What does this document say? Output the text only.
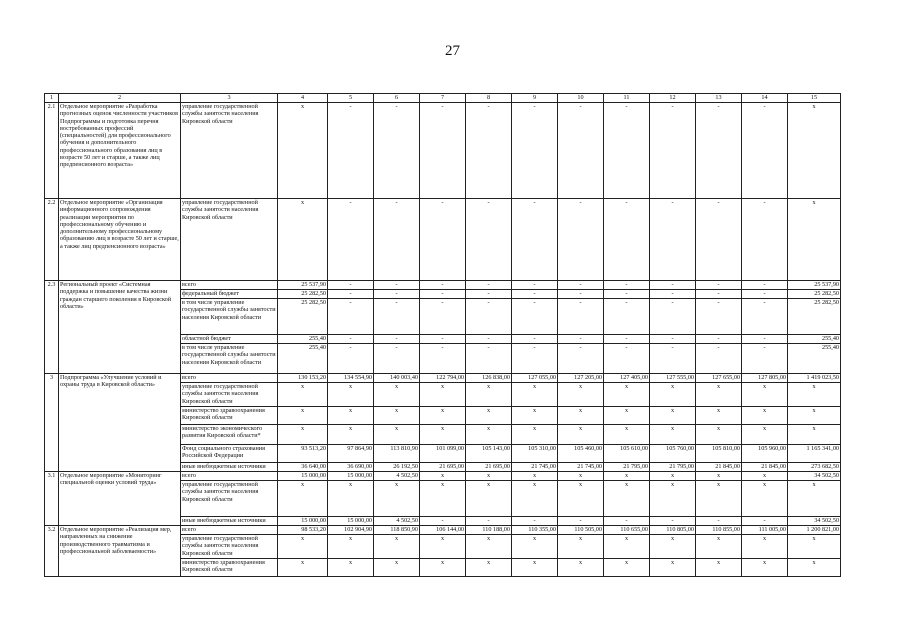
27
1	2	3	4	5	6	7	8	9	10	11	12	13	14	15
2.1	Отдельное мероприятие «Разработка прогнозных оценок численности участников Подпрограммы и подготовка перечня востребованных профессий (специальностей) для профессионального обучения и дополнительного профессионального образования лиц в возрасте 50 лет и старше, а также лиц предпенсионного возраста»	управление государственной службы занятости населения Кировской области	x	-	-	-	-	-	-	-	-	-	-	x
2.2	Отдельное мероприятие «Организация информационного сопровождения реализации мероприятия по профессиональному обучению и дополнительному профессиональному образованию лиц в возрасте 50 лет и старше, а также лиц предпенсионного возраста»	управление государственной службы занятости населения Кировской области	x	-	-	-	-	-	-	-	-	-	-	x
2.3	Региональный проект «Системная поддержка и повышение качества жизни граждан старшего поколения в Кировской области»	всего	25 537,90	-	-	-	-	-	-	-	-	-	-	25 537,90
		федеральный бюджет	25 282,50	-	-	-	-	-	-	-	-	-	-	25 282,50
		в том числе управление государственной службы занятости населения Кировской области	25 282,50	-	-	-	-	-	-	-	-	-	-	25 282,50
		областной бюджет	255,40	-	-	-	-	-	-	-	-	-	-	255,40
		в том числе управление государственной службы занятости населения Кировской области	255,40	-	-	-	-	-	-	-	-	-	-	255,40
3	Подпрограмма «Улучшение условий и охраны труда в Кировской области»	всего	130 153,20	134 554,90	140 003,40	122 794,00	126 838,00	127 055,00	127 205,00	127 405,00	127 555,00	127 655,00	127 805,00	1 419 023,50
		управление государственной службы занятости населения Кировской области	x	x	x	x	x	x	x	x	x	x	x	x
		министерство здравоохранения Кировской области	x	x	x	x	x	x	x	x	x	x	x	x
		министерство экономического развития Кировской области*	x	x	x	x	x	x	x	x	x	x	x	x
		Фонд социального страхования Российской Федерации	93 513,20	97 864,90	113 810,90	101 099,00	105 143,00	105 310,00	105 460,00	105 610,00	105 760,00	105 810,00	105 960,00	1 165 341,00
		иные внебюджетные источники	36 640,00	36 690,00	26 192,50	21 695,00	21 695,00	21 745,00	21 745,00	21 795,00	21 795,00	21 845,00	21 845,00	273 682,50
3.1	Отдельное мероприятие «Мониторинг специальной оценки условий труда»	всего	15 000,00	15 000,00	4 502,50	x	x	x	x	x	x	x	x	34 502,50
		управление государственной службы занятости населения Кировской области	x	x	x	x	x	x	x	x	x	x	x	x
		иные внебюджетные источники	15 000,00	15 000,00	4 502,50	-	-	-	-	-	-	-	-	34 502,50
3.2	Отдельное мероприятие «Реализация мер, направленных на снижение производственного травматизма и профессиональной заболеваемости»	всего	98 533,20	102 904,90	118 850,90	106 144,00	110 188,00	110 355,00	110 505,00	110 655,00	110 805,00	110 855,00	111 005,00	1 200 821,00
		управление государственной службы занятости населения Кировской области	x	x	x	x	x	x	x	x	x	x	x	x
		министерство здравоохранения Кировской области	x	x	x	x	x	x	x	x	x	x	x	x
